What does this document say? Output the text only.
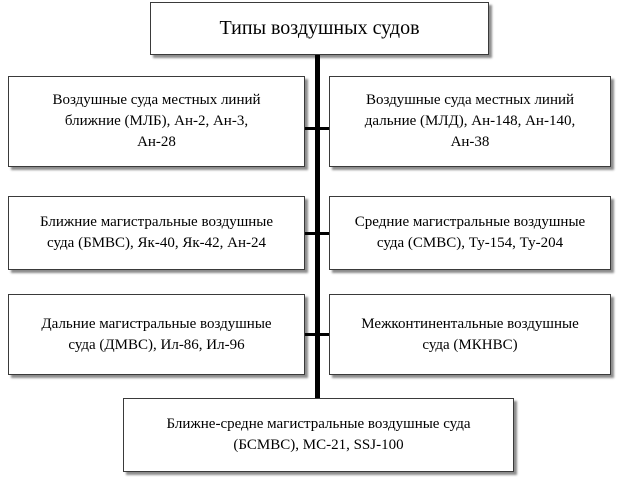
Типы воздушных судов
Воздушные суда местных линий
ближние (МЛБ), Ан-2, Ан-3,
Ан-28
Воздушные суда местных линий
дальние (МЛД), Ан-148, Ан-140,
Ан-38
Ближние магистральные воздушные
суда (БМВС), Як-40, Як-42, Ан-24
Средние магистральные воздушные
суда (СМВС), Ту-154, Ту-204
Дальние магистральные воздушные
суда (ДМВС), Ил-86, Ил-96
Межконтинентальные воздушные
суда (МКНВС)
Ближне-средне магистральные воздушные суда
(БСМВС), МС-21, SSJ-100
